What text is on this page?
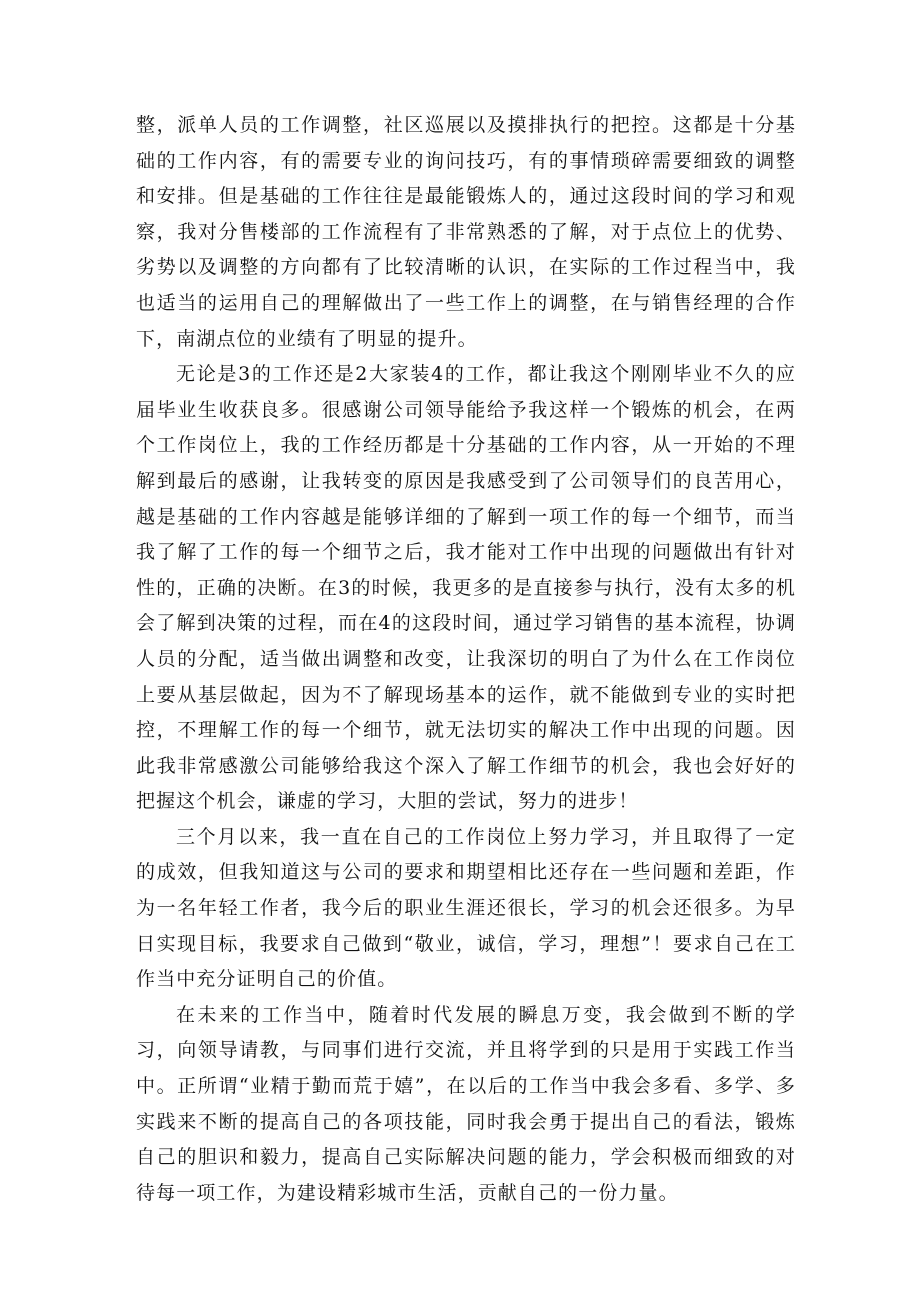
整，派单人员的工作调整，社区巡展以及摸排执行的把控。这都是十分基础的工作内容，有的需要专业的询问技巧，有的事情琐碎需要细致的调整和安排。但是基础的工作往往是最能锻炼人的，通过这段时间的学习和观察，我对分售楼部的工作流程有了非常熟悉的了解，对于点位上的优势、劣势以及调整的方向都有了比较清晰的认识，在实际的工作过程当中，我也适当的运用自己的理解做出了一些工作上的调整，在与销售经理的合作下，南湖点位的业绩有了明显的提升。

无论是3的工作还是2大家装4的工作，都让我这个刚刚毕业不久的应届毕业生收获良多。很感谢公司领导能给予我这样一个锻炼的机会，在两个工作岗位上，我的工作经历都是十分基础的工作内容，从一开始的不理解到最后的感谢，让我转变的原因是我感受到了公司领导们的良苦用心，越是基础的工作内容越是能够详细的了解到一项工作的每一个细节，而当我了解了工作的每一个细节之后，我才能对工作中出现的问题做出有针对性的，正确的决断。在3的时候，我更多的是直接参与执行，没有太多的机会了解到决策的过程，而在4的这段时间，通过学习销售的基本流程，协调人员的分配，适当做出调整和改变，让我深切的明白了为什么在工作岗位上要从基层做起，因为不了解现场基本的运作，就不能做到专业的实时把控，不理解工作的每一个细节，就无法切实的解决工作中出现的问题。因此我非常感激公司能够给我这个深入了解工作细节的机会，我也会好好的把握这个机会，谦虚的学习，大胆的尝试，努力的进步！

三个月以来，我一直在自己的工作岗位上努力学习，并且取得了一定的成效，但我知道这与公司的要求和期望相比还存在一些问题和差距，作为一名年轻工作者，我今后的职业生涯还很长，学习的机会还很多。为早日实现目标，我要求自己做到“敬业，诚信，学习，理想”！要求自己在工作当中充分证明自己的价值。

在未来的工作当中，随着时代发展的瞬息万变，我会做到不断的学习，向领导请教，与同事们进行交流，并且将学到的只是用于实践工作当中。正所谓“业精于勤而荒于嬉”，在以后的工作当中我会多看、多学、多实践来不断的提高自己的各项技能，同时我会勇于提出自己的看法，锻炼自己的胆识和毅力，提高自己实际解决问题的能力，学会积极而细致的对待每一项工作，为建设精彩城市生活，贡献自己的一份力量。
